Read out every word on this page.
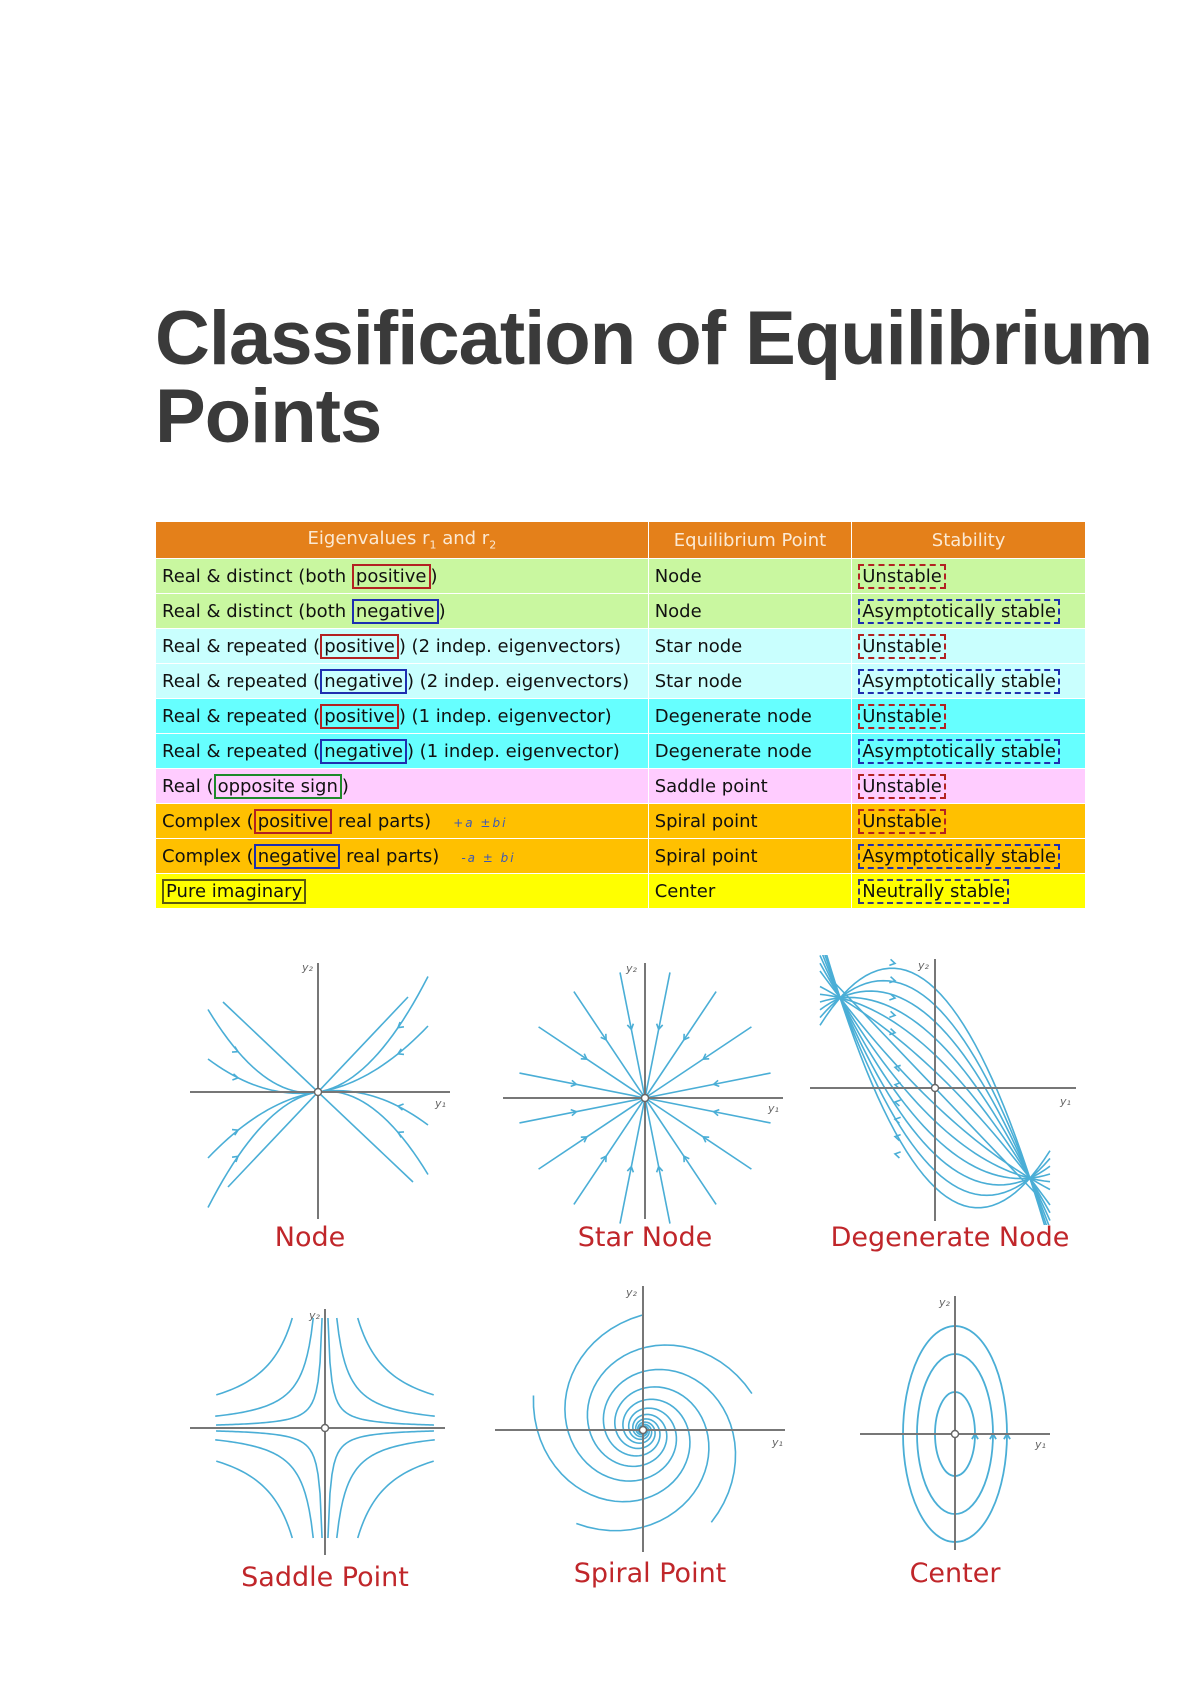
Classification of Equilibrium Points
Eigenvalues $r_1$ and $r_2$	Equilibrium Point	Stability
Real & distinct (both positive )	Node	Unstable
Real & distinct (both negative )	Node	Asymptotically stable
Real & repeated ( positive ) (2 indep. eigenvectors)	Star node	Unstable
Real & repeated ( negative ) (2 indep. eigenvectors)	Star node	Asymptotically stable
Real & repeated ( positive ) (1 indep. eigenvector)	Degenerate node	Unstable
Real & repeated ( negative ) (1 indep. eigenvector)	Degenerate node	Asymptotically stable
Real ( opposite sign )	Saddle point	Unstable
Complex ( positive real parts) +a ±bi	Spiral point	Unstable
Complex ( negative real parts) -a ± bi	Spiral point	Asymptotically stable
Pure imaginary	Center	Neutrally stable
y₂
y₁
Node
y₂
y₁
Star Node
y₂
y₁
Degenerate Node
y₂
Saddle Point
y₂
y₁
Spiral Point
y₂
y₁
Center
